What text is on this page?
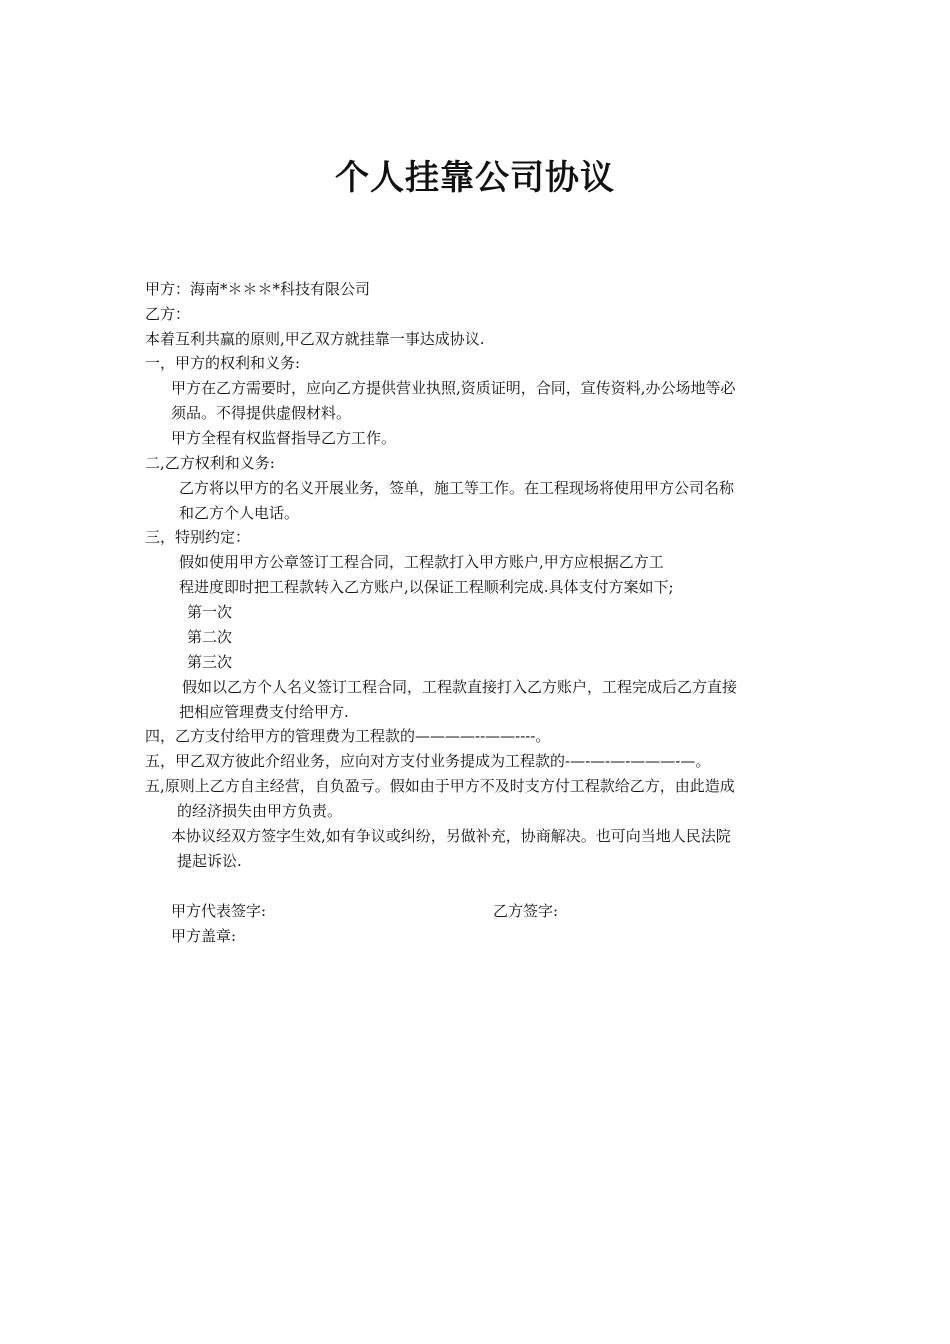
个人挂靠公司协议
甲方：海南*＊＊＊*科技有限公司
乙方：
本着互利共赢的原则,甲乙双方就挂靠一事达成协议.
一，甲方的权利和义务:
甲方在乙方需要时，应向乙方提供营业执照,资质证明，合同，宣传资料,办公场地等必
须品。不得提供虚假材料。
甲方全程有权监督指导乙方工作。
二,乙方权利和义务:
乙方将以甲方的名义开展业务，签单，施工等工作。在工程现场将使用甲方公司名称
和乙方个人电话。
三，特别约定：
假如使用甲方公章签订工程合同，工程款打入甲方账户,甲方应根据乙方工
程进度即时把工程款转入乙方账户,以保证工程顺利完成.具体支付方案如下;
第一次
第二次
第三次
假如以乙方个人名义签订工程合同，工程款直接打入乙方账户，工程完成后乙方直接
把相应管理费支付给甲方.
四，乙方支付给甲方的管理费为工程款的————--——----。
五，甲乙双方彼此介绍业务，应向对方支付业务提成为工程款的-—-—-—-———-—。
五,原则上乙方自主经营，自负盈亏。假如由于甲方不及时支方付工程款给乙方，由此造成
的经济损失由甲方负责。
本协议经双方签字生效,如有争议或纠纷，另做补充，协商解决。也可向当地人民法院
提起诉讼.
甲方代表签字:	乙方签字:
甲方盖章:
